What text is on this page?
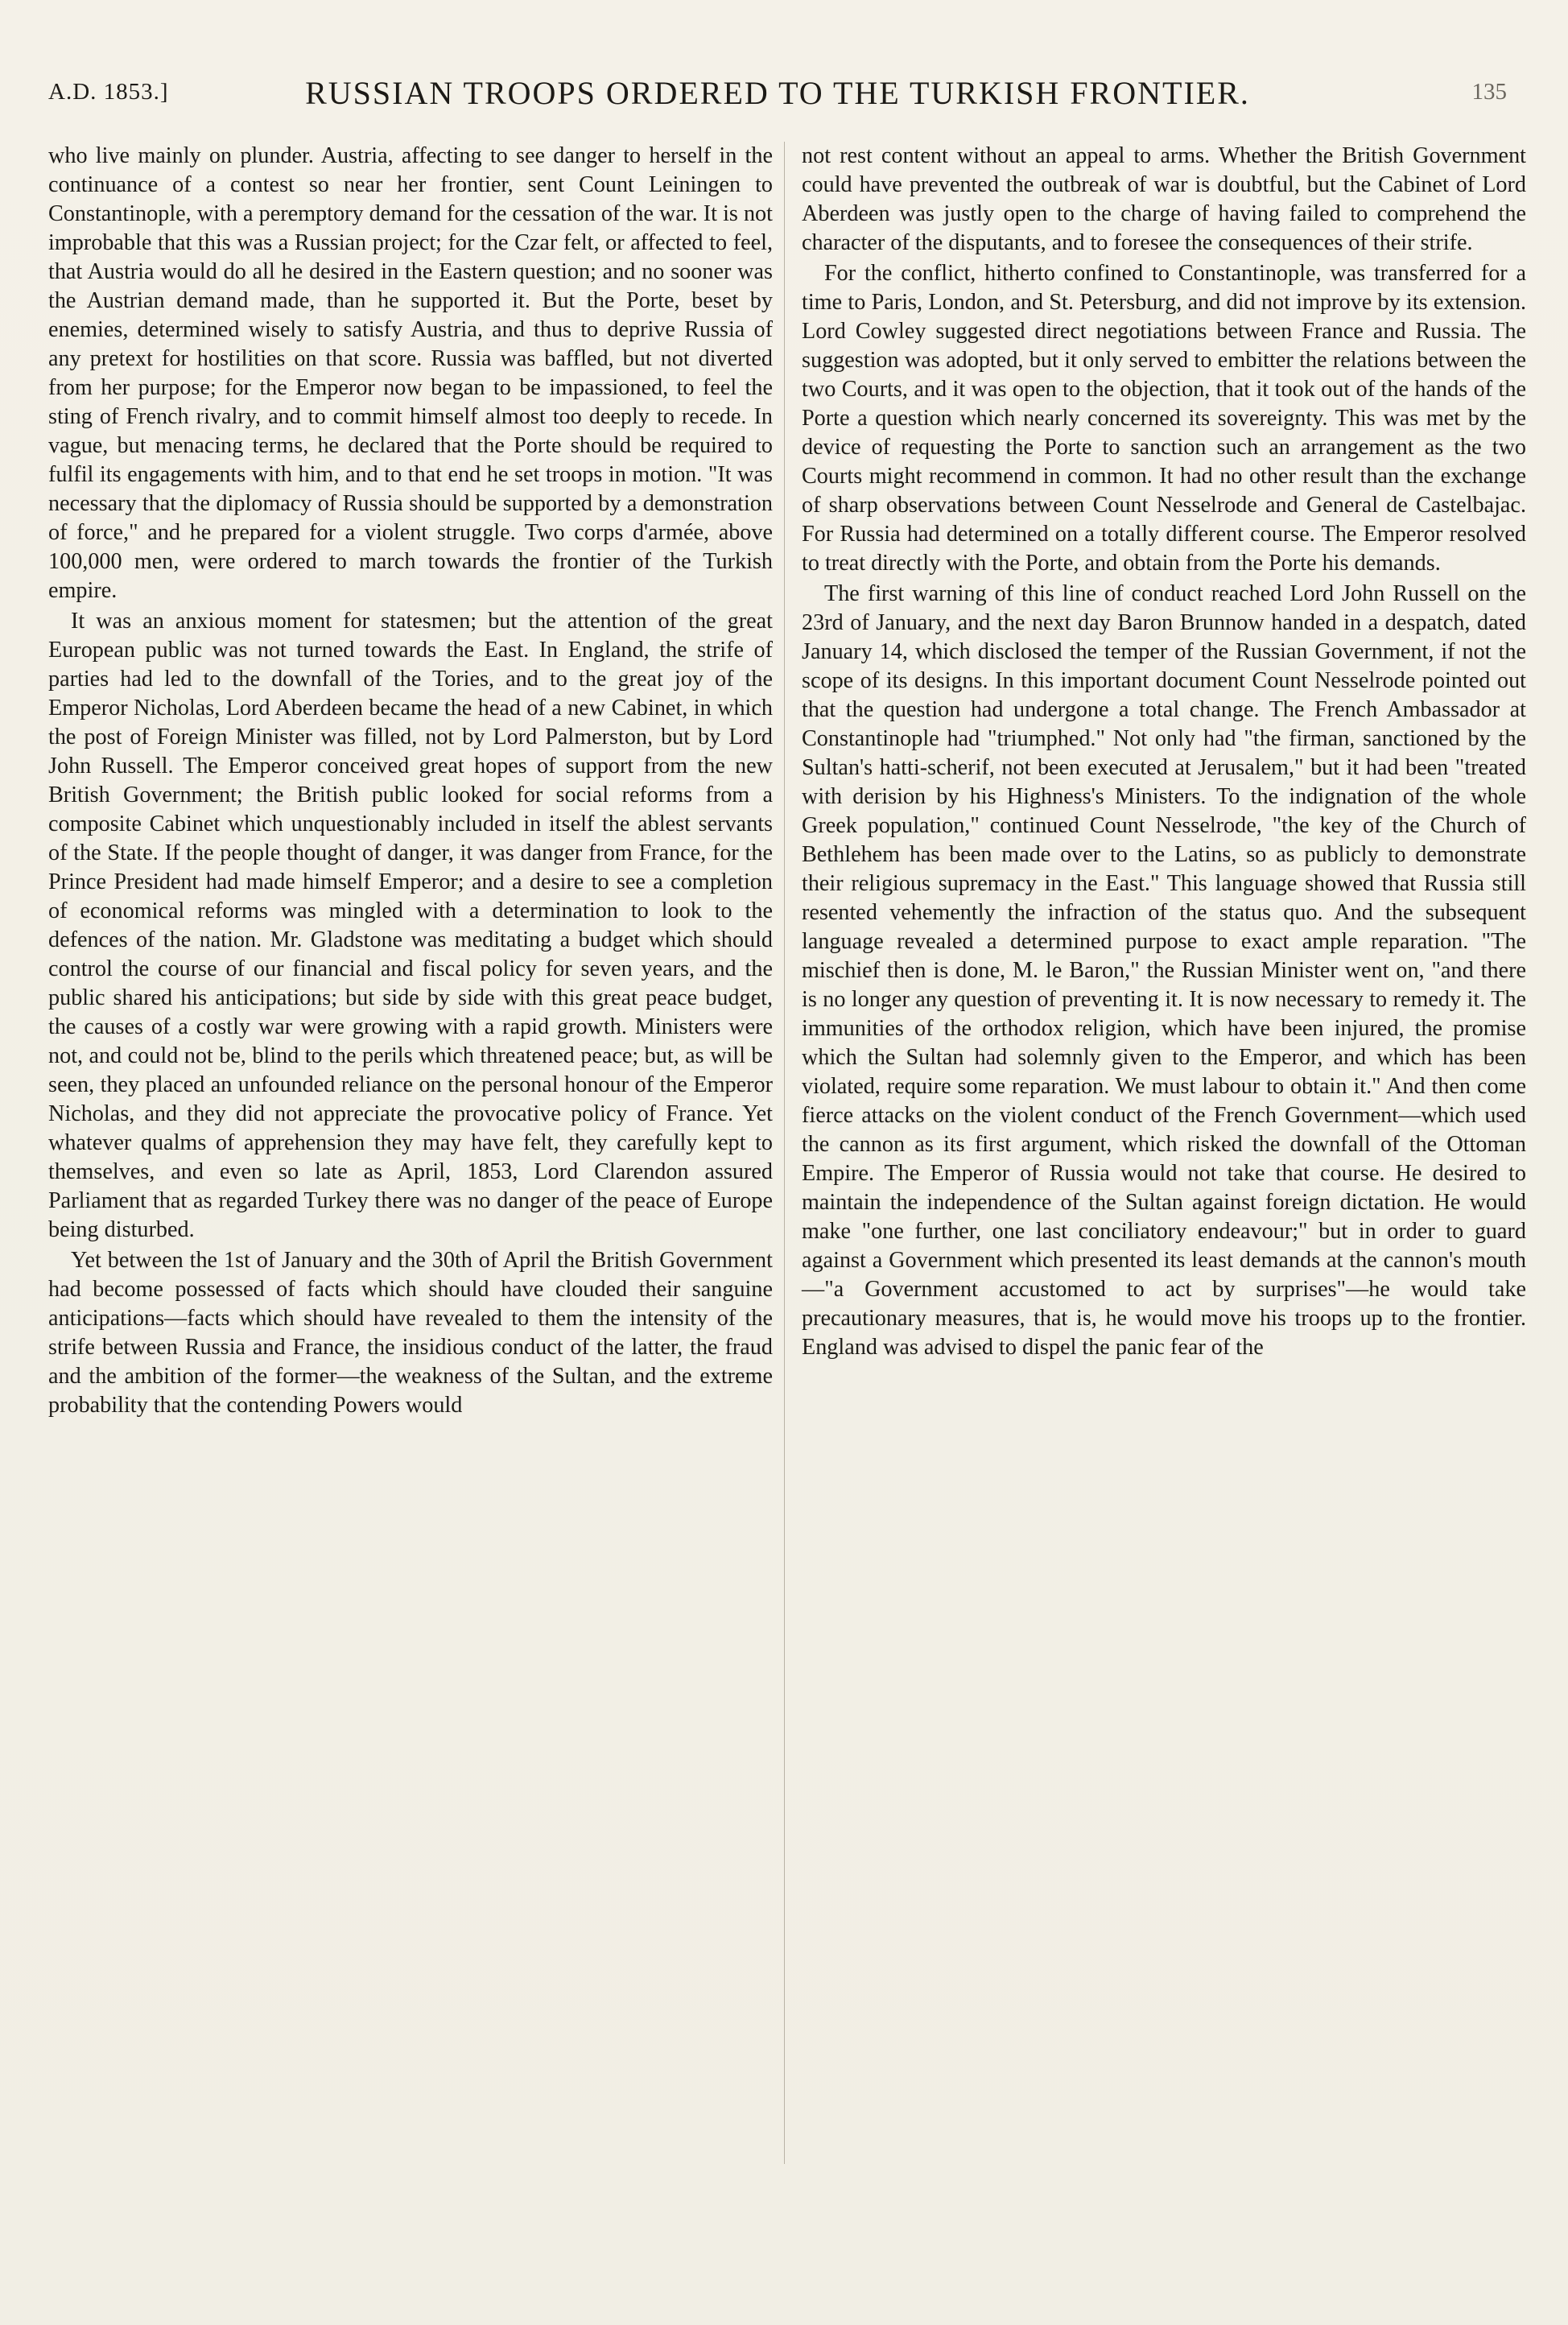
A.D. 1853.]	RUSSIAN TROOPS ORDERED TO THE TURKISH FRONTIER.	135

who live mainly on plunder. Austria, affecting to see danger to herself in the continuance of a contest so near her frontier, sent Count Leiningen to Constantinople, with a peremptory demand for the cessation of the war. It is not improbable that this was a Russian project; for the Czar felt, or affected to feel, that Austria would do all he desired in the Eastern question; and no sooner was the Austrian demand made, than he supported it. But the Porte, beset by enemies, determined wisely to satisfy Austria, and thus to deprive Russia of any pretext for hostilities on that score. Russia was baffled, but not diverted from her purpose; for the Emperor now began to be impassioned, to feel the sting of French rivalry, and to commit himself almost too deeply to recede. In vague, but menacing terms, he declared that the Porte should be required to fulfil its engagements with him, and to that end he set troops in motion. "It was necessary that the diplomacy of Russia should be supported by a demonstration of force," and he prepared for a violent struggle. Two corps d'armée, above 100,000 men, were ordered to march towards the frontier of the Turkish empire.

It was an anxious moment for statesmen; but the attention of the great European public was not turned towards the East. In England, the strife of parties had led to the downfall of the Tories, and to the great joy of the Emperor Nicholas, Lord Aberdeen became the head of a new Cabinet, in which the post of Foreign Minister was filled, not by Lord Palmerston, but by Lord John Russell. The Emperor conceived great hopes of support from the new British Government; the British public looked for social reforms from a composite Cabinet which unquestionably included in itself the ablest servants of the State. If the people thought of danger, it was danger from France, for the Prince President had made himself Emperor; and a desire to see a completion of economical reforms was mingled with a determination to look to the defences of the nation. Mr. Gladstone was meditating a budget which should control the course of our financial and fiscal policy for seven years, and the public shared his anticipations; but side by side with this great peace budget, the causes of a costly war were growing with a rapid growth. Ministers were not, and could not be, blind to the perils which threatened peace; but, as will be seen, they placed an unfounded reliance on the personal honour of the Emperor Nicholas, and they did not appreciate the provocative policy of France. Yet whatever qualms of apprehension they may have felt, they carefully kept to themselves, and even so late as April, 1853, Lord Clarendon assured Parliament that as regarded Turkey there was no danger of the peace of Europe being disturbed.

Yet between the 1st of January and the 30th of April the British Government had become possessed of facts which should have clouded their sanguine anticipations—facts which should have revealed to them the intensity of the strife between Russia and France, the insidious conduct of the latter, the fraud and the ambition of the former—the weakness of the Sultan, and the extreme probability that the contending Powers would

not rest content without an appeal to arms. Whether the British Government could have prevented the outbreak of war is doubtful, but the Cabinet of Lord Aberdeen was justly open to the charge of having failed to comprehend the character of the disputants, and to foresee the consequences of their strife.

For the conflict, hitherto confined to Constantinople, was transferred for a time to Paris, London, and St. Petersburg, and did not improve by its extension. Lord Cowley suggested direct negotiations between France and Russia. The suggestion was adopted, but it only served to embitter the relations between the two Courts, and it was open to the objection, that it took out of the hands of the Porte a question which nearly concerned its sovereignty. This was met by the device of requesting the Porte to sanction such an arrangement as the two Courts might recommend in common. It had no other result than the exchange of sharp observations between Count Nesselrode and General de Castelbajac. For Russia had determined on a totally different course. The Emperor resolved to treat directly with the Porte, and obtain from the Porte his demands.

The first warning of this line of conduct reached Lord John Russell on the 23rd of January, and the next day Baron Brunnow handed in a despatch, dated January 14, which disclosed the temper of the Russian Government, if not the scope of its designs. In this important document Count Nesselrode pointed out that the question had undergone a total change. The French Ambassador at Constantinople had "triumphed." Not only had "the firman, sanctioned by the Sultan's hatti-scherif, not been executed at Jerusalem," but it had been "treated with derision by his Highness's Ministers. To the indignation of the whole Greek population," continued Count Nesselrode, "the key of the Church of Bethlehem has been made over to the Latins, so as publicly to demonstrate their religious supremacy in the East." This language showed that Russia still resented vehemently the infraction of the status quo. And the subsequent language revealed a determined purpose to exact ample reparation. "The mischief then is done, M. le Baron," the Russian Minister went on, "and there is no longer any question of preventing it. It is now necessary to remedy it. The immunities of the orthodox religion, which have been injured, the promise which the Sultan had solemnly given to the Emperor, and which has been violated, require some reparation. We must labour to obtain it." And then come fierce attacks on the violent conduct of the French Government—which used the cannon as its first argument, which risked the downfall of the Ottoman Empire. The Emperor of Russia would not take that course. He desired to maintain the independence of the Sultan against foreign dictation. He would make "one further, one last conciliatory endeavour;" but in order to guard against a Government which presented its least demands at the cannon's mouth—"a Government accustomed to act by surprises"—he would take precautionary measures, that is, he would move his troops up to the frontier. England was advised to dispel the panic fear of the
